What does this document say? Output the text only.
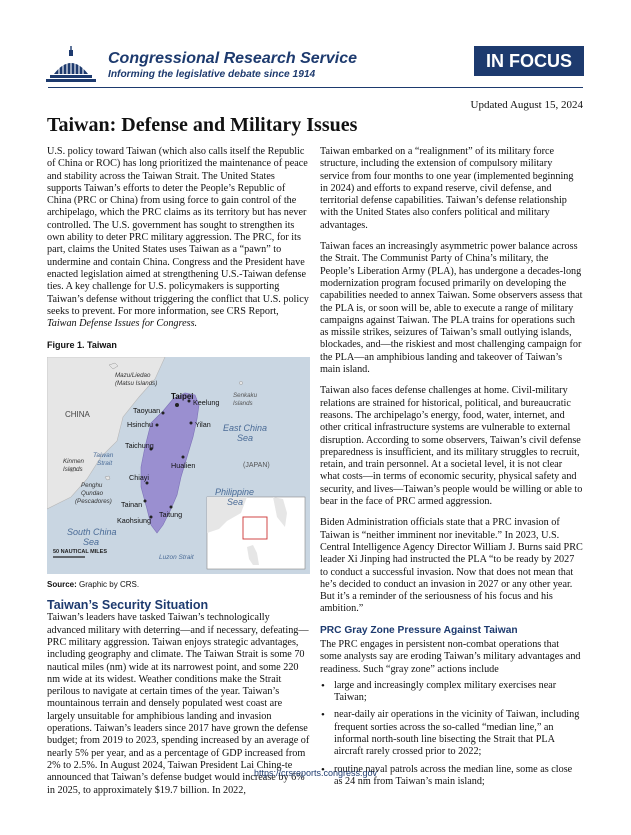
Congressional Research Service
Informing the legislative debate since 1914
IN FOCUS
Updated August 15, 2024
Taiwan: Defense and Military Issues

U.S. policy toward Taiwan (which also calls itself the Republic of China or ROC) has long prioritized the maintenance of peace and stability across the Taiwan Strait. The United States supports Taiwan’s efforts to deter the People’s Republic of China (PRC or China) from using force to gain control of the archipelago, which the PRC claims as its territory but has never controlled. The U.S. government has sought to strengthen its own ability to deter PRC military aggression. The PRC, for its part, claims the United States uses Taiwan as a “pawn” to undermine and contain China. Congress and the President have enacted legislation aimed at strengthening U.S.-Taiwan defense ties. A key challenge for U.S. policymakers is supporting Taiwan’s defense without triggering the conflict that U.S. policy seeks to prevent. For more information, see CRS Report, Taiwan Defense Issues for Congress.

Figure 1. Taiwan
CHINA
Mazu/Liedao
(Matsu Islands)
Senkaku
Islands
Taipei
Keelung
Taoyuan
Hsinchu	Yilan
Taichung
Hualien
Chiayi
Tainan
Kaohsiung
Taitung
East China
Sea
(JAPAN)
Philippine
Sea
Taiwan
Strait
Kinmen
Islands
Penghu
Qundao
(Pescadores)
South China
Sea
Luzon Strait
50 NAUTICAL MILES
Source: Graphic by CRS.
Taiwan’s Security Situation

Taiwan’s leaders have tasked Taiwan’s technologically advanced military with deterring—and if necessary, defeating—PRC military aggression. Taiwan enjoys strategic advantages, including geography and climate. The Taiwan Strait is some 70 nautical miles (nm) wide at its narrowest point, and some 220 nm wide at its widest. Weather conditions make the Strait perilous to navigate at certain times of the year. Taiwan’s mountainous terrain and densely populated west coast are largely unsuitable for amphibious landing and invasion operations. Taiwan’s leaders since 2017 have grown the defense budget; from 2019 to 2023, spending increased by an average of nearly 5% per year, and as a percentage of GDP increased from 2% to 2.5%. In August 2024, Taiwan President Lai Ching-te announced that Taiwan’s defense budget would increase by 6% in 2025, to approximately $19.7 billion. In 2022,

Taiwan embarked on a “realignment” of its military force structure, including the extension of compulsory military service from four months to one year (implemented beginning in 2024) and efforts to expand reserve, civil defense, and territorial defense capabilities. Taiwan’s defense relationship with the United States also confers political and military advantages.

Taiwan faces an increasingly asymmetric power balance across the Strait. The Communist Party of China’s military, the People’s Liberation Army (PLA), has undergone a decades-long modernization program focused primarily on developing the capabilities needed to annex Taiwan. Some observers assess that the PLA is, or soon will be, able to execute a range of military campaigns against Taiwan. The PLA trains for operations such as missile strikes, seizures of Taiwan’s small outlying islands, blockades, and—the riskiest and most challenging campaign for the PLA—an amphibious landing and takeover of Taiwan’s main island.

Taiwan also faces defense challenges at home. Civil-military relations are strained for historical, political, and bureaucratic reasons. The archipelago’s energy, food, water, internet, and other critical infrastructure systems are vulnerable to external disruption. According to some observers, Taiwan’s civil defense preparedness is insufficient, and its military struggles to recruit, retain, and train personnel. At a societal level, it is not clear what costs—in terms of economic security, physical safety and security, and lives—Taiwan’s people would be willing or able to bear in the face of PRC armed aggression.

Biden Administration officials state that a PRC invasion of Taiwan is “neither imminent nor inevitable.” In 2023, U.S. Central Intelligence Agency Director William J. Burns said PRC leader Xi Jinping had instructed the PLA “to be ready by 2027 to conduct a successful invasion. Now that does not mean that he’s decided to conduct an invasion in 2027 or any other year. But it’s a reminder of the seriousness of his focus and his ambition.”

PRC Gray Zone Pressure Against Taiwan

The PRC engages in persistent non-combat operations that some analysts say are eroding Taiwan’s military advantages and readiness. Such “gray zone” actions include

• large and increasingly complex military exercises near Taiwan;
• near-daily air operations in the vicinity of Taiwan, including frequent sorties across the so-called “median line,” an informal north-south line bisecting the Strait that PLA aircraft rarely crossed prior to 2022;
• routine naval patrols across the median line, some as close as 24 nm from Taiwan’s main island;
https://crsreports.congress.gov
